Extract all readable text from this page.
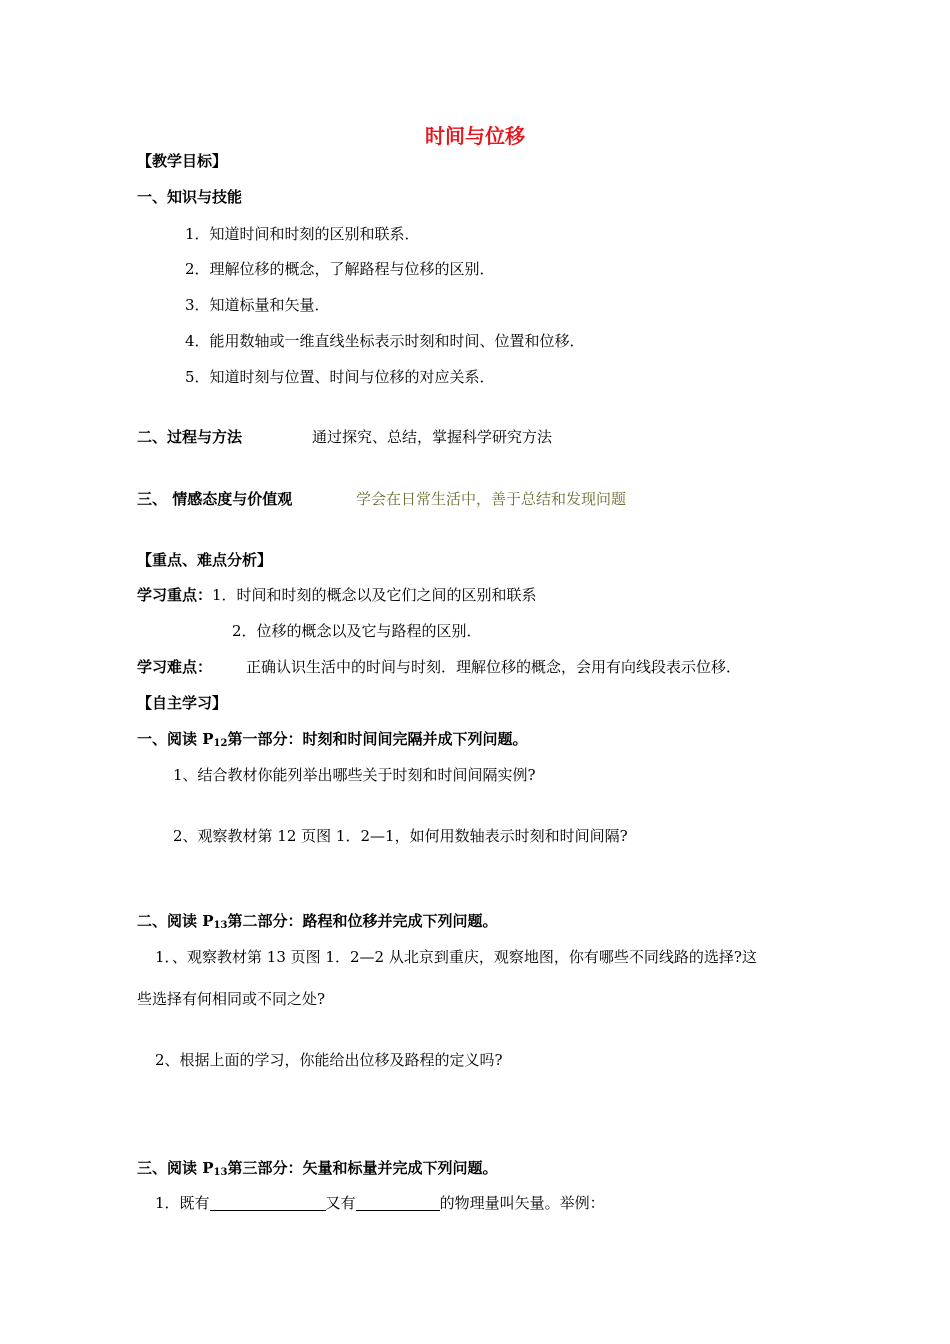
时间与位移
【教学目标】
一、知识与技能
1．知道时间和时刻的区别和联系．
2．理解位移的概念，了解路程与位移的区别．
3．知道标量和矢量．
4．能用数轴或一维直线坐标表示时刻和时间、位置和位移．
5．知道时刻与位置、时间与位移的对应关系．
二、过程与方法	通过探究、总结，掌握科学研究方法
三、 情感态度与价值观	学会在日常生活中，善于总结和发现问题
【重点、难点分析】
学习重点：1．时间和时刻的概念以及它们之间的区别和联系
2．位移的概念以及它与路程的区别．
学习难点： 正确认识生活中的时间与时刻．理解位移的概念，会用有向线段表示位移．
【自主学习】
一、阅读 $P_{12}$第一部分：时刻和时间间完隔并成下列问题。
1、结合教材你能列举出哪些关于时刻和时间间隔实例?
2、观察教材第 12 页图 1．2—1，如何用数轴表示时刻和时间间隔?
二、阅读 $P_{13}$第二部分：路程和位移并完成下列问题。
1．、观察教材第 13 页图 1．2—2 从北京到重庆，观察地图，你有哪些不同线路的选择?这
些选择有何相同或不同之处?
2、根据上面的学习，你能给出位移及路程的定义吗?
三、阅读 $P_{13}$第三部分：矢量和标量并完成下列问题。
1．既有	又有	的物理量叫矢量。举例：
